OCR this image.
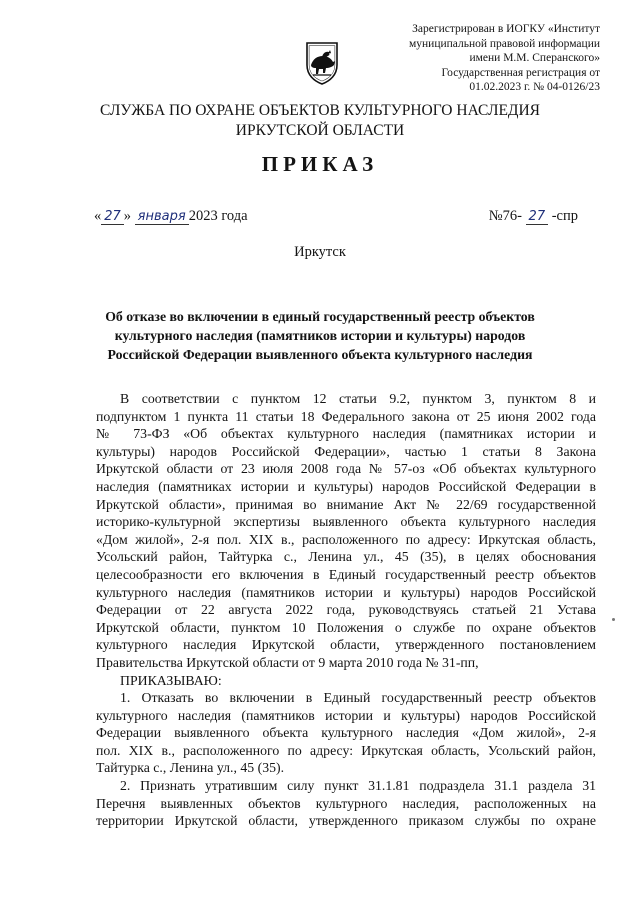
Зарегистрирован в ИОГКУ «Институт
муниципальной правовой информации
имени М.М. Сперанского»
Государственная регистрация от
01.02.2023 г. № 04-0126/23
СЛУЖБА ПО ОХРАНЕ ОБЪЕКТОВ КУЛЬТУРНОГО НАСЛЕДИЯ
ИРКУТСКОЙ ОБЛАСТИ
ПРИКАЗ
« 27 » января 2023 года	№76- 27 -спр
Иркутск
Об отказе во включении в единый государственный реестр объектов
культурного наследия (памятников истории и культуры) народов
Российской Федерации выявленного объекта культурного наследия
В соответствии с пунктом 12 статьи 9.2, пунктом 3, пунктом 8 и
подпунктом 1 пункта 11 статьи 18 Федерального закона от 25 июня 2002 года
№ 73-ФЗ «Об объектах культурного наследия (памятниках истории и
культуры) народов Российской Федерации», частью 1 статьи 8 Закона
Иркутской области от 23 июля 2008 года № 57-оз «Об объектах культурного
наследия (памятниках истории и культуры) народов Российской Федерации в
Иркутской области», принимая во внимание Акт № 22/69 государственной
историко-культурной экспертизы выявленного объекта культурного наследия
«Дом жилой», 2-я пол. XIX в., расположенного по адресу: Иркутская область,
Усольский район, Тайтурка с., Ленина ул., 45 (35), в целях обоснования
целесообразности его включения в Единый государственный реестр объектов
культурного наследия (памятников истории и культуры) народов Российской
Федерации от 22 августа 2022 года, руководствуясь статьей 21 Устава
Иркутской области, пунктом 10 Положения о службе по охране объектов
культурного наследия Иркутской области, утвержденного постановлением
Правительства Иркутской области от 9 марта 2010 года № 31-пп,
ПРИКАЗЫВАЮ:
1. Отказать во включении в Единый государственный реестр объектов
культурного наследия (памятников истории и культуры) народов Российской
Федерации выявленного объекта культурного наследия «Дом жилой», 2-я
пол. XIX в., расположенного по адресу: Иркутская область, Усольский район,
Тайтурка с., Ленина ул., 45 (35).
2. Признать утратившим силу пункт 31.1.81 подраздела 31.1 раздела 31
Перечня выявленных объектов культурного наследия, расположенных на
территории Иркутской области, утвержденного приказом службы по охране
